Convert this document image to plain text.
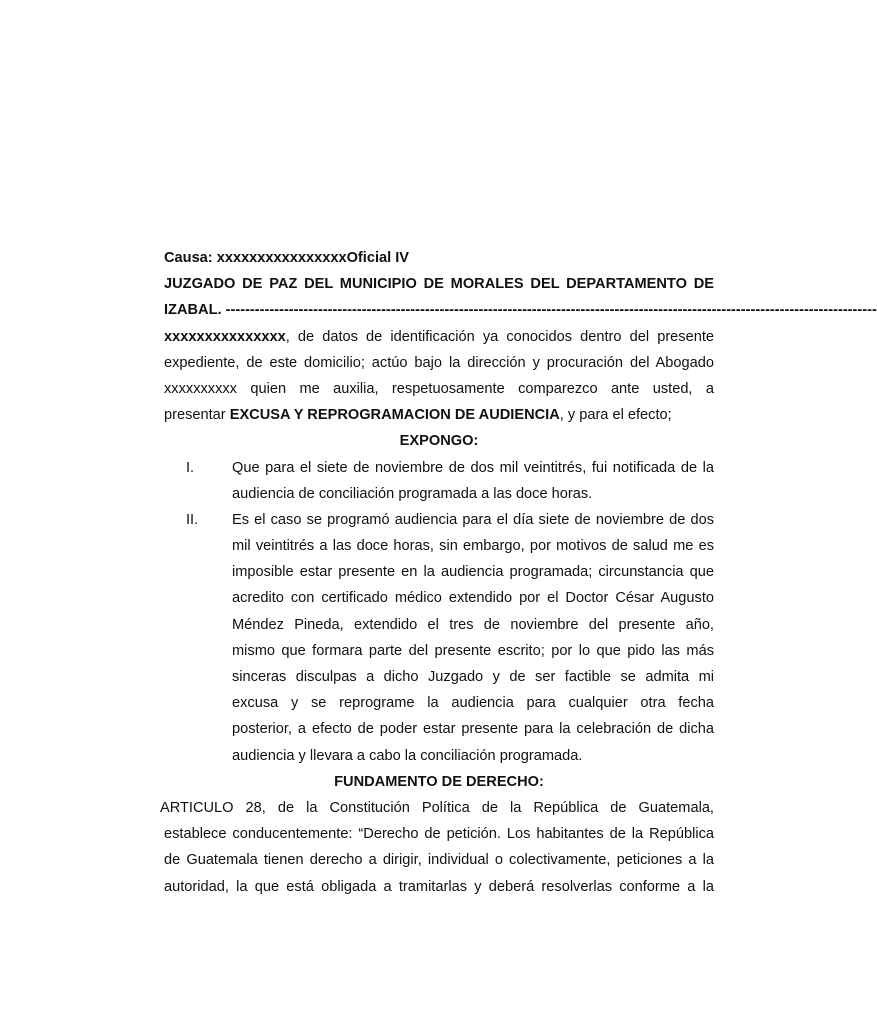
Causa: xxxxxxxxxxxxxxxxOficial IV
JUZGADO DE PAZ DEL MUNICIPIO DE MORALES DEL DEPARTAMENTO DE
IZABAL. --------------------------------------------------------------------------------------------------------------------------------------
xxxxxxxxxxxxxxx, de datos de identificación ya conocidos dentro del presente
expediente, de este domicilio; actúo bajo la dirección y procuración del Abogado
xxxxxxxxxx quien me auxilia, respetuosamente comparezco ante usted, a
presentar EXCUSA Y REPROGRAMACION DE AUDIENCIA, y para el efecto;
EXPONGO:
I.	Que para el siete de noviembre de dos mil veintitrés, fui notificada de la
audiencia de conciliación programada a las doce horas.
II.	Es el caso se programó audiencia para el día siete de noviembre de dos
mil veintitrés a las doce horas, sin embargo, por motivos de salud me es
imposible estar presente en la audiencia programada; circunstancia que
acredito con certificado médico extendido por el Doctor César Augusto
Méndez Pineda, extendido el tres de noviembre del presente año,
mismo que formara parte del presente escrito; por lo que pido las más
sinceras disculpas a dicho Juzgado y de ser factible se admita mi
excusa y se reprograme la audiencia para cualquier otra fecha
posterior, a efecto de poder estar presente para la celebración de dicha
audiencia y llevara a cabo la conciliación programada.
FUNDAMENTO DE DERECHO:
ARTICULO 28, de la Constitución Política de la República de Guatemala,
establece conducentemente: “Derecho de petición. Los habitantes de la República
de Guatemala tienen derecho a dirigir, individual o colectivamente, peticiones a la
autoridad, la que está obligada a tramitarlas y deberá resolverlas conforme a la
